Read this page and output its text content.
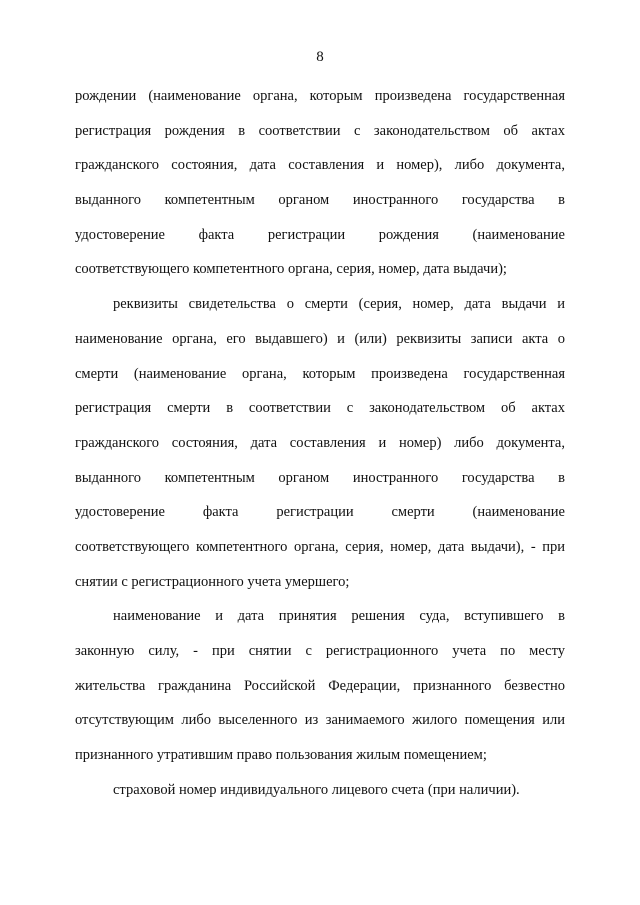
8
рождении (наименование органа, которым произведена государственная
регистрация рождения в соответствии с законодательством об актах
гражданского состояния, дата составления и номер), либо документа,
выданного компетентным органом иностранного государства в
удостоверение факта регистрации рождения (наименование
соответствующего компетентного органа, серия, номер, дата выдачи);
реквизиты свидетельства о смерти (серия, номер, дата выдачи и
наименование органа, его выдавшего) и (или) реквизиты записи акта о
смерти (наименование органа, которым произведена государственная
регистрация смерти в соответствии с законодательством об актах
гражданского состояния, дата составления и номер) либо документа,
выданного компетентным органом иностранного государства в
удостоверение факта регистрации смерти (наименование
соответствующего компетентного органа, серия, номер, дата выдачи), - при
снятии с регистрационного учета умершего;
наименование и дата принятия решения суда, вступившего в
законную силу, - при снятии с регистрационного учета по месту
жительства гражданина Российской Федерации, признанного безвестно
отсутствующим либо выселенного из занимаемого жилого помещения или
признанного утратившим право пользования жилым помещением;
страховой номер индивидуального лицевого счета (при наличии).
